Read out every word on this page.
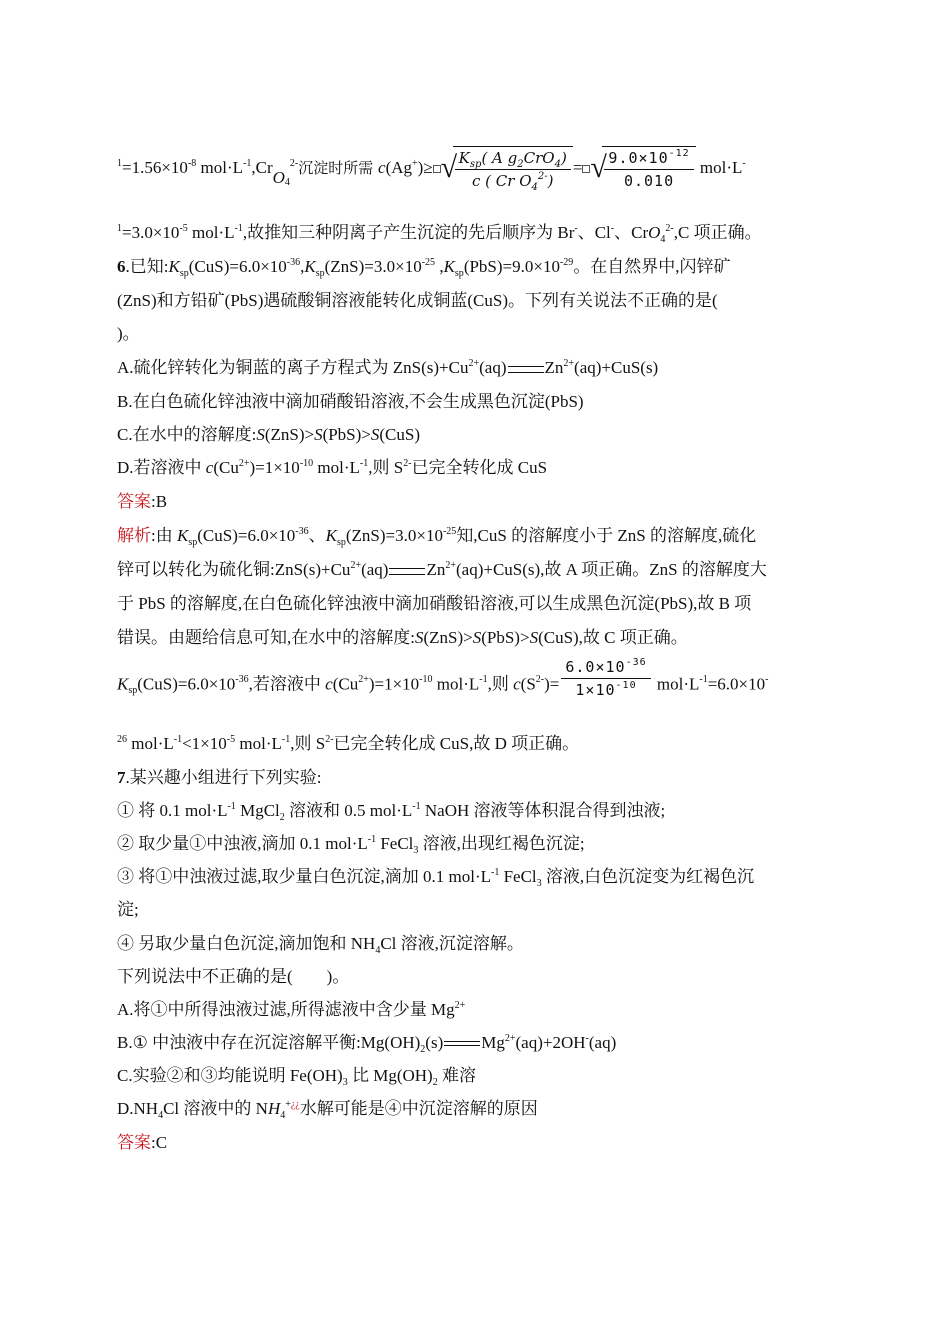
$^1=1.56\times 10^{-8}$ $mol\cdot L^{-1},CrO_4^{2-}$沉淀时所需 c(Ag+)≥ √
$\frac{K_{sp}( A g_2CrO_4)}{c ( Cr O_4^{2-})}$ = √
$\frac{9.0\times 10^{-12}}{0.010} mol\cdot L^-$
$^1=3.0\times 10^{-5}$ $mol\cdot L^{-1}$,故推知三种阴离子产生沉淀的先后顺序为 Br-、Cl-、CrO$_4^{2-}$,C 项正确。
6.已知$:K_{sp}(CuS)=6.0\times 10^{-36},K_{sp}(ZnS)=3.0\times 10^{-25}$ $,K_{sp}(PbS)=9.0\times 10^{-29}$。在自然界中,闪锌矿
(ZnS)和方铅矿(PbS)遇硫酸铜溶液能转化成铜蓝(CuS)。下列有关说法不正确的是(
)。
A.硫化锌转化为铜蓝的离子方程式为 $ZnS(s)+Cu^{2+}(aq)$ $Zn^{2+}(aq)+CuS(s)$
B.在白色硫化锌浊液中滴加硝酸铅溶液,不会生成黑色沉淀(PbS)
C.在水中的溶解度:S(ZnS)>S(PbS)>S(CuS)
D.若溶液中 $c(Cu^{2+})=1\times 10^{-10}$ $mol\cdot L^{-1}$,则 $S^{2-}$已完全转化成 CuS
答案:B
解析:由 $K_{sp}(CuS)=6.0\times 10^{-36}$、$K_{sp}(ZnS)=3.0\times 10^{-25}$知,CuS 的溶解度小于 ZnS 的溶解度,硫化
锌可以转化为硫化铜$:ZnS(s)+Cu^{2+}(aq)$ $Zn^{2+}(aq)+CuS(s)$,故 A 项正确。ZnS 的溶解度大
于 PbS 的溶解度,在白色硫化锌浊液中滴加硝酸铅溶液,可以生成黑色沉淀(PbS),故 B 项
错误。由题给信息可知,在水中的溶解度:S(ZnS)>S(PbS)>S(CuS),故 C 项正确。
$K_{sp}(CuS)=6.0\times 10^{-36}$,若溶液中 $c(Cu^{2+})=1\times 10^{-10}$ $mol\cdot L^{-1}$,则 $c(S^{2-})= \frac{6.0\times 10^{-36}}{1\times 10^{-10}} mol\cdot L^{-1}=6.0\times 10^-$
$^{26}$ $mol\cdot L^{-1}<1\times 10^{-5}$ $mol\cdot L^{-1}$,则 $S^{2-}$已完全转化成 CuS,故 D 项正确。
7.某兴趣小组进行下列实验:
① 将 0.1 $mol\cdot L^{-1}$ MgCl$_2$ 溶液和 0.5 $mol\cdot L^{-1}$ NaOH 溶液等体积混合得到浊液;
② 取少量①中浊液,滴加 0.1 $mol\cdot L^{-1}$ FeCl$_3$ 溶液,出现红褐色沉淀;
③ 将①中浊液过滤,取少量白色沉淀,滴加 0.1 $mol\cdot L^{-1}$ FeCl$_3$ 溶液,白色沉淀变为红褐色沉
淀;
④ 另取少量白色沉淀,滴加饱和 $NH_4Cl$ 溶液,沉淀溶解。
下列说法中不正确的是(　　)。
A.将①中所得浊液过滤,所得滤液中含少量 $Mg^{2+}$
B.① 中浊液中存在沉淀溶解平衡$:Mg(OH)_2(s)$ $Mg^{2+}(aq)+2OH^-(aq)$
C.实验②和③均能说明 $Fe(OH)_3$ 比 $Mg(OH)_2$ 难溶
$D.NH_4Cl$ 溶液中的 $NH_4^{+¿¿}$水解可能是④中沉淀溶解的原因
答案:C
